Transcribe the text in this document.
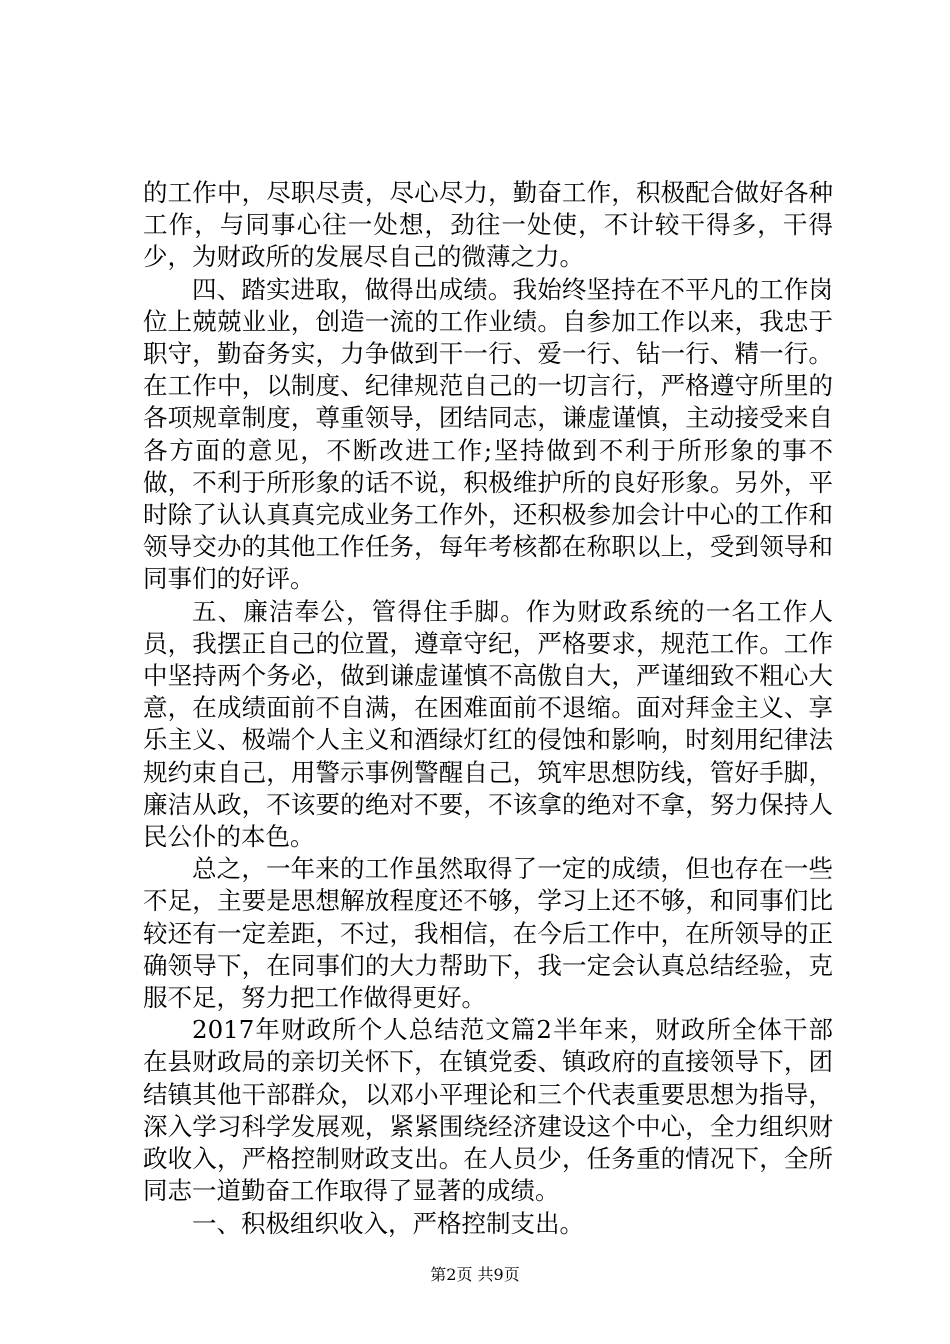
的工作中，尽职尽责，尽心尽力，勤奋工作，积极配合做好各种工作，与同事心往一处想，劲往一处使，不计较干得多，干得少，为财政所的发展尽自己的微薄之力。

四、踏实进取，做得出成绩。我始终坚持在不平凡的工作岗位上兢兢业业，创造一流的工作业绩。自参加工作以来，我忠于职守，勤奋务实，力争做到干一行、爱一行、钻一行、精一行。在工作中，以制度、纪律规范自己的一切言行，严格遵守所里的各项规章制度，尊重领导，团结同志，谦虚谨慎，主动接受来自各方面的意见，不断改进工作;坚持做到不利于所形象的事不做，不利于所形象的话不说，积极维护所的良好形象。另外，平时除了认认真真完成业务工作外，还积极参加会计中心的工作和领导交办的其他工作任务，每年考核都在称职以上，受到领导和同事们的好评。

五、廉洁奉公，管得住手脚。作为财政系统的一名工作人员，我摆正自己的位置，遵章守纪，严格要求，规范工作。工作中坚持两个务必，做到谦虚谨慎不高傲自大，严谨细致不粗心大意，在成绩面前不自满，在困难面前不退缩。面对拜金主义、享乐主义、极端个人主义和酒绿灯红的侵蚀和影响，时刻用纪律法规约束自己，用警示事例警醒自己，筑牢思想防线，管好手脚，廉洁从政，不该要的绝对不要，不该拿的绝对不拿，努力保持人民公仆的本色。

总之，一年来的工作虽然取得了一定的成绩，但也存在一些不足，主要是思想解放程度还不够，学习上还不够，和同事们比较还有一定差距，不过，我相信，在今后工作中，在所领导的正确领导下，在同事们的大力帮助下，我一定会认真总结经验，克服不足，努力把工作做得更好。

2017年财政所个人总结范文篇2半年来，财政所全体干部在县财政局的亲切关怀下，在镇党委、镇政府的直接领导下，团结镇其他干部群众，以邓小平理论和三个代表重要思想为指导，深入学习科学发展观，紧紧围绕经济建设这个中心，全力组织财政收入，严格控制财政支出。在人员少，任务重的情况下，全所同志一道勤奋工作取得了显著的成绩。

一、积极组织收入，严格控制支出。

第2页 共9页
